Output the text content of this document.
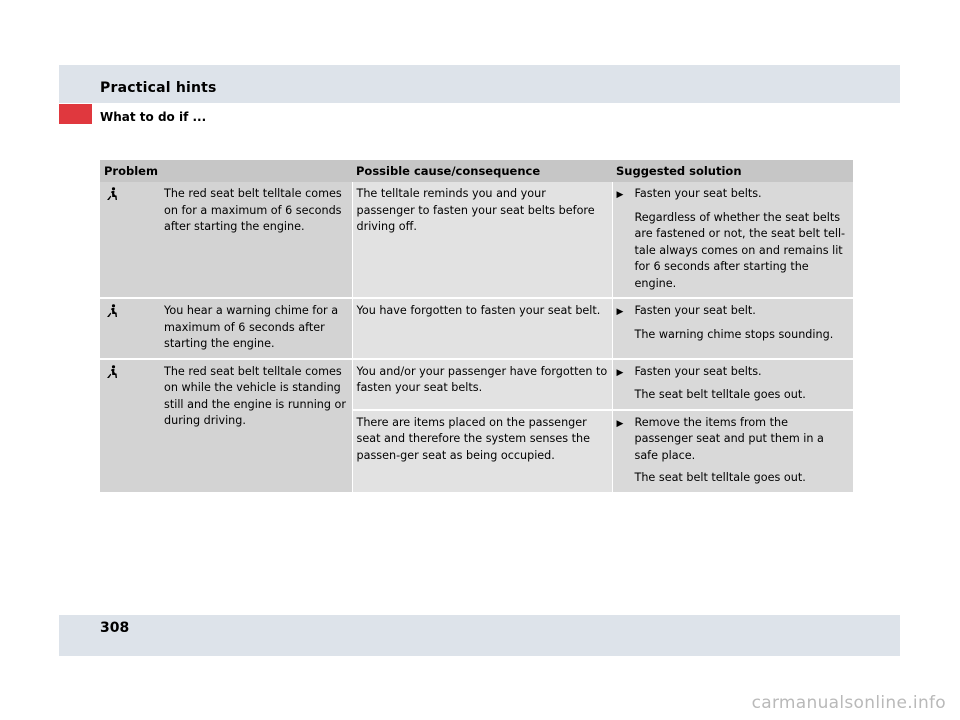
Practical hints
What to do if ...
Problem	Possible cause/consequence	Suggested solution

The red seat belt telltale comes on for a maximum of 6 seconds after starting the engine.	The telltale reminds you and your passenger to fasten your seat belts before driving off.	▶ Fasten your seat belts.
Regardless of whether the seat belts are fastened or not, the seat belt tell-tale always comes on and remains lit for 6 seconds after starting the engine.

You hear a warning chime for a maximum of 6 seconds after starting the engine.	You have forgotten to fasten your seat belt.	▶ Fasten your seat belt.
The warning chime stops sounding.

The red seat belt telltale comes on while the vehicle is standing still and the engine is running or during driving.	You and/or your passenger have forgotten to fasten your seat belts.	▶ Fasten your seat belts.
The seat belt telltale goes out.

	There are items placed on the passenger seat and therefore the system senses the passen-ger seat as being occupied.	▶ Remove the items from the passenger seat and put them in a safe place.
The seat belt telltale goes out.
308
carmanualsonline.info
